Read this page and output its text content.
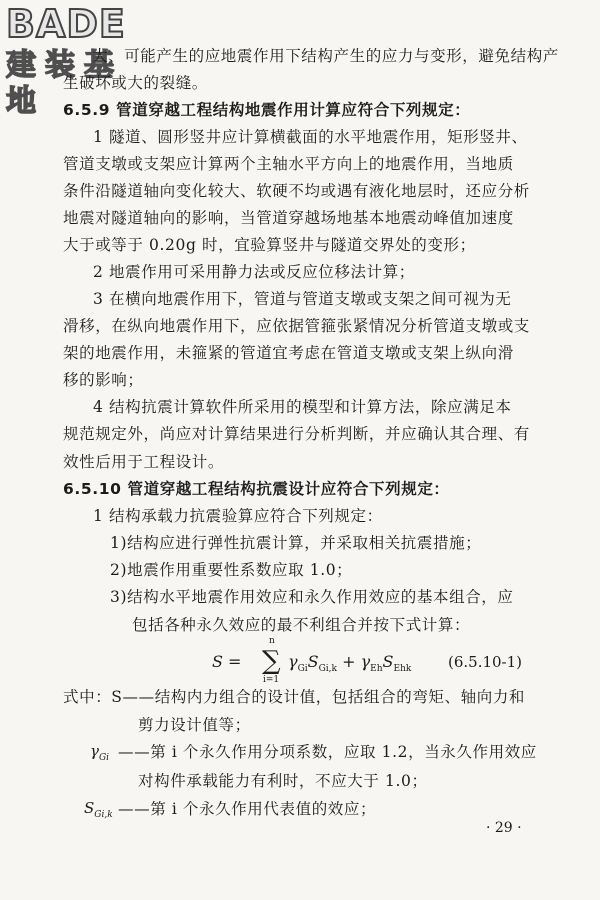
BADE
建装基地
大、可能产生的应地震作用下结构产生的应力与变形，避免结构产
生破坏或大的裂缝。
6.5.9 管道穿越工程结构地震作用计算应符合下列规定：
1 隧道、圆形竖井应计算横截面的水平地震作用，矩形竖井、
管道支墩或支架应计算两个主轴水平方向上的地震作用，当地质
条件沿隧道轴向变化较大、软硬不均或遇有液化地层时，还应分析
地震对隧道轴向的影响，当管道穿越场地基本地震动峰值加速度
大于或等于 0.20g 时，宜验算竖井与隧道交界处的变形；
2 地震作用可采用静力法或反应位移法计算；
3 在横向地震作用下，管道与管道支墩或支架之间可视为无
滑移，在纵向地震作用下，应依据管箍张紧情况分析管道支墩或支
架的地震作用，未箍紧的管道宜考虑在管道支墩或支架上纵向滑
移的影响；
4 结构抗震计算软件所采用的模型和计算方法，除应满足本
规范规定外，尚应对计算结果进行分析判断，并应确认其合理、有
效性后用于工程设计。
6.5.10 管道穿越工程结构抗震设计应符合下列规定：
1 结构承载力抗震验算应符合下列规定：
1)结构应进行弹性抗震计算，并采取相关抗震措施；
2)地震作用重要性系数应取 1.0；
3)结构水平地震作用效应和永久作用效应的基本组合，应
包括各种永久效应的最不利组合并按下式计算：
S =
n
∑
i=1
$\gamma_{Gi}S_{Gi,k} + \gamma_{Eh}S_{Ehk}$ (6.5.10-1)
式中：S——结构内力组合的设计值，包括组合的弯矩、轴向力和
剪力设计值等；
$\gamma_{Gi}$ ——第 i 个永久作用分项系数，应取 1.2，当永久作用效应
对构件承载能力有利时，不应大于 1.0；
$S_{Gi,k}$ ——第 i 个永久作用代表值的效应；
· 29 ·
